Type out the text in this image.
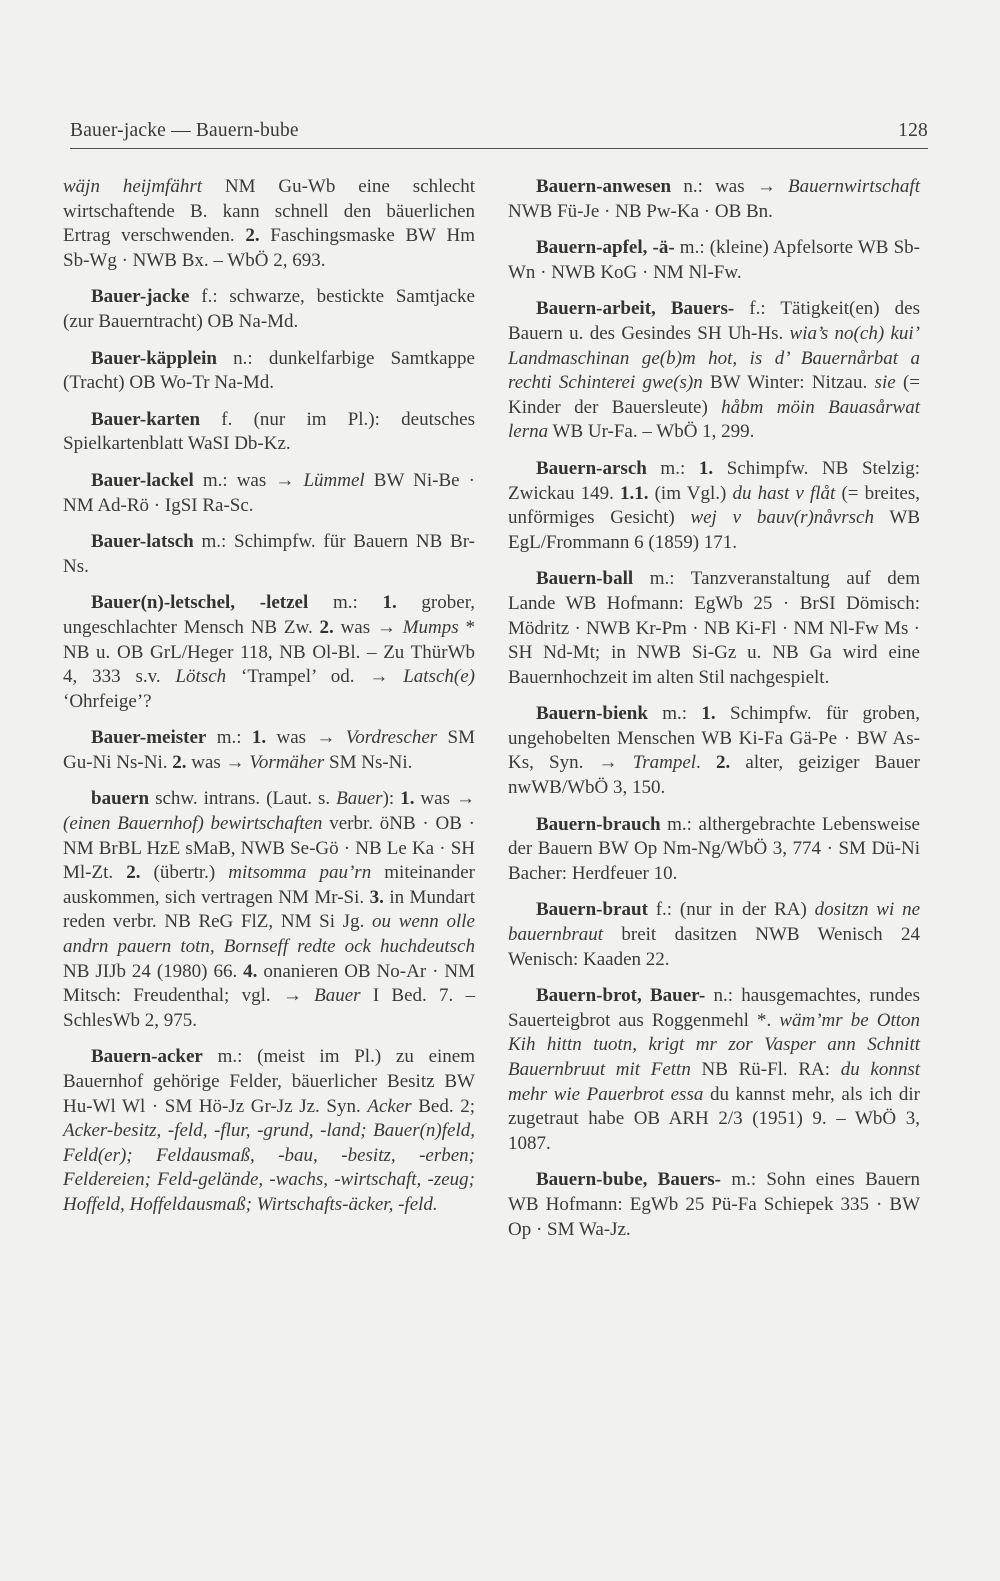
Bauer-jacke — Bauern-bube	128

wäjn heijmfährt NM Gu-Wb eine schlecht wirtschaftende B. kann schnell den bäuerlichen Ertrag verschwenden. 2. Faschingsmaske BW Hm Sb-Wg · NWB Bx. – WbÖ 2, 693.

Bauer-jacke f.: schwarze, bestickte Samtjacke (zur Bauerntracht) OB Na-Md.

Bauer-käpplein n.: dunkelfarbige Samtkappe (Tracht) OB Wo-Tr Na-Md.

Bauer-karten f. (nur im Pl.): deutsches Spielkartenblatt WaSI Db-Kz.

Bauer-lackel m.: was → Lümmel BW Ni-Be · NM Ad-Rö · IgSI Ra-Sc.

Bauer-latsch m.: Schimpfw. für Bauern NB Br-Ns.

Bauer(n)-letschel, -letzel m.: 1. grober, ungeschlachter Mensch NB Zw. 2. was → Mumps * NB u. OB GrL/Heger 118, NB Ol-Bl. – Zu ThürWb 4, 333 s.v. Lötsch ‘Trampel’ od. → Latsch(e) ‘Ohrfeige’?

Bauer-meister m.: 1. was → Vordrescher SM Gu-Ni Ns-Ni. 2. was → Vormäher SM Ns-Ni.

bauern schw. intrans. (Laut. s. Bauer): 1. was → (einen Bauernhof) bewirtschaften verbr. öNB · OB · NM BrBL HzE sMaB, NWB Se-Gö · NB Le Ka · SH Ml-Zt. 2. (übertr.) mitsomma pau’rn miteinander auskommen, sich vertragen NM Mr-Si. 3. in Mundart reden verbr. NB ReG FlZ, NM Si Jg. ou wenn olle andrn pauern totn, Bornseff redte ock huchdeutsch NB JIJb 24 (1980) 66. 4. onanieren OB No-Ar · NM Mitsch: Freudenthal; vgl. → Bauer I Bed. 7. – SchlesWb 2, 975.

Bauern-acker m.: (meist im Pl.) zu einem Bauernhof gehörige Felder, bäuerlicher Besitz BW Hu-Wl Wl · SM Hö-Jz Gr-Jz Jz. Syn. Acker Bed. 2; Acker-besitz, -feld, -flur, -grund, -land; Bauer(n)feld, Feld(er); Feldausmaß, -bau, -besitz, -erben; Feldereien; Feld-gelände, -wachs, -wirtschaft, -zeug; Hoffeld, Hoffeldausmaß; Wirtschafts-äcker, -feld.

Bauern-anwesen n.: was → Bauernwirtschaft NWB Fü-Je · NB Pw-Ka · OB Bn.

Bauern-apfel, -ä- m.: (kleine) Apfelsorte WB Sb-Wn · NWB KoG · NM Nl-Fw.

Bauern-arbeit, Bauers- f.: Tätigkeit(en) des Bauern u. des Gesindes SH Uh-Hs. wia’s no(ch) kui’ Landmaschinan ge(b)m hot, is d’ Bauernårbat a rechti Schinterei gwe(s)n BW Winter: Nitzau. sie (= Kinder der Bauersleute) håbm möin Bauasårwat lerna WB Ur-Fa. – WbÖ 1, 299.

Bauern-arsch m.: 1. Schimpfw. NB Stelzig: Zwickau 149. 1.1. (im Vgl.) du hast v flåt (= breites, unförmiges Gesicht) wej v bauv(r)nåvrsch WB EgL/Frommann 6 (1859) 171.

Bauern-ball m.: Tanzveranstaltung auf dem Lande WB Hofmann: EgWb 25 · BrSI Dömisch: Mödritz · NWB Kr-Pm · NB Ki-Fl · NM Nl-Fw Ms · SH Nd-Mt; in NWB Si-Gz u. NB Ga wird eine Bauernhochzeit im alten Stil nachgespielt.

Bauern-bienk m.: 1. Schimpfw. für groben, ungehobelten Menschen WB Ki-Fa Gä-Pe · BW As-Ks, Syn. → Trampel. 2. alter, geiziger Bauer nwWB/WbÖ 3, 150.

Bauern-brauch m.: althergebrachte Lebensweise der Bauern BW Op Nm-Ng/WbÖ 3, 774 · SM Dü-Ni Bacher: Herdfeuer 10.

Bauern-braut f.: (nur in der RA) dositzn wi ne bauernbraut breit dasitzen NWB Wenisch 24 Wenisch: Kaaden 22.

Bauern-brot, Bauer- n.: hausgemachtes, rundes Sauerteigbrot aus Roggenmehl *. wäm’mr be Otton Kih hittn tuotn, krigt mr zor Vasper ann Schnitt Bauernbruut mit Fettn NB Rü-Fl. RA: du konnst mehr wie Pauerbrot essa du kannst mehr, als ich dir zugetraut habe OB ARH 2/3 (1951) 9. – WbÖ 3, 1087.

Bauern-bube, Bauers- m.: Sohn eines Bauern WB Hofmann: EgWb 25 Pü-Fa Schiepek 335 · BW Op · SM Wa-Jz.
